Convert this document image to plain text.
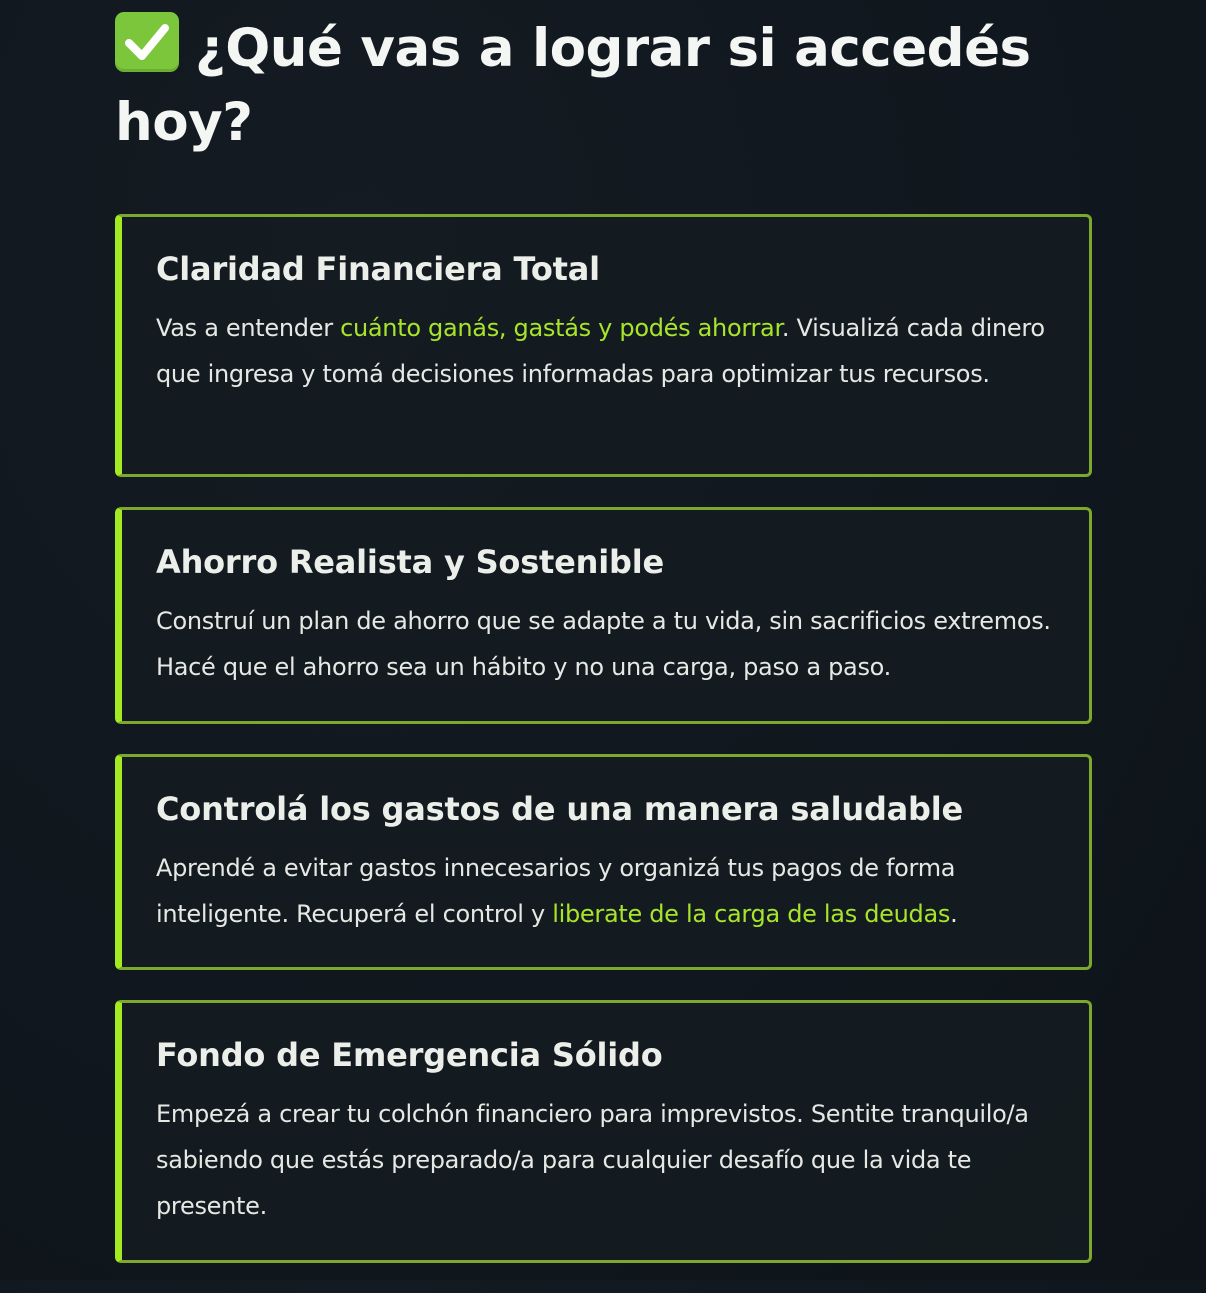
¿Qué vas a lograr si accedés hoy?
Claridad Financiera Total

Vas a entender cuánto ganás, gastás y podés ahorrar. Visualizá cada dinero que ingresa y tomá decisiones informadas para optimizar tus recursos.

Ahorro Realista y Sostenible

Construí un plan de ahorro que se adapte a tu vida, sin sacrificios extremos. Hacé que el ahorro sea un hábito y no una carga, paso a paso.

Controlá los gastos de una manera saludable

Aprendé a evitar gastos innecesarios y organizá tus pagos de forma inteligente. Recuperá el control y liberate de la carga de las deudas.

Fondo de Emergencia Sólido

Empezá a crear tu colchón financiero para imprevistos. Sentite tranquilo/a sabiendo que estás preparado/a para cualquier desafío que la vida te presente.
